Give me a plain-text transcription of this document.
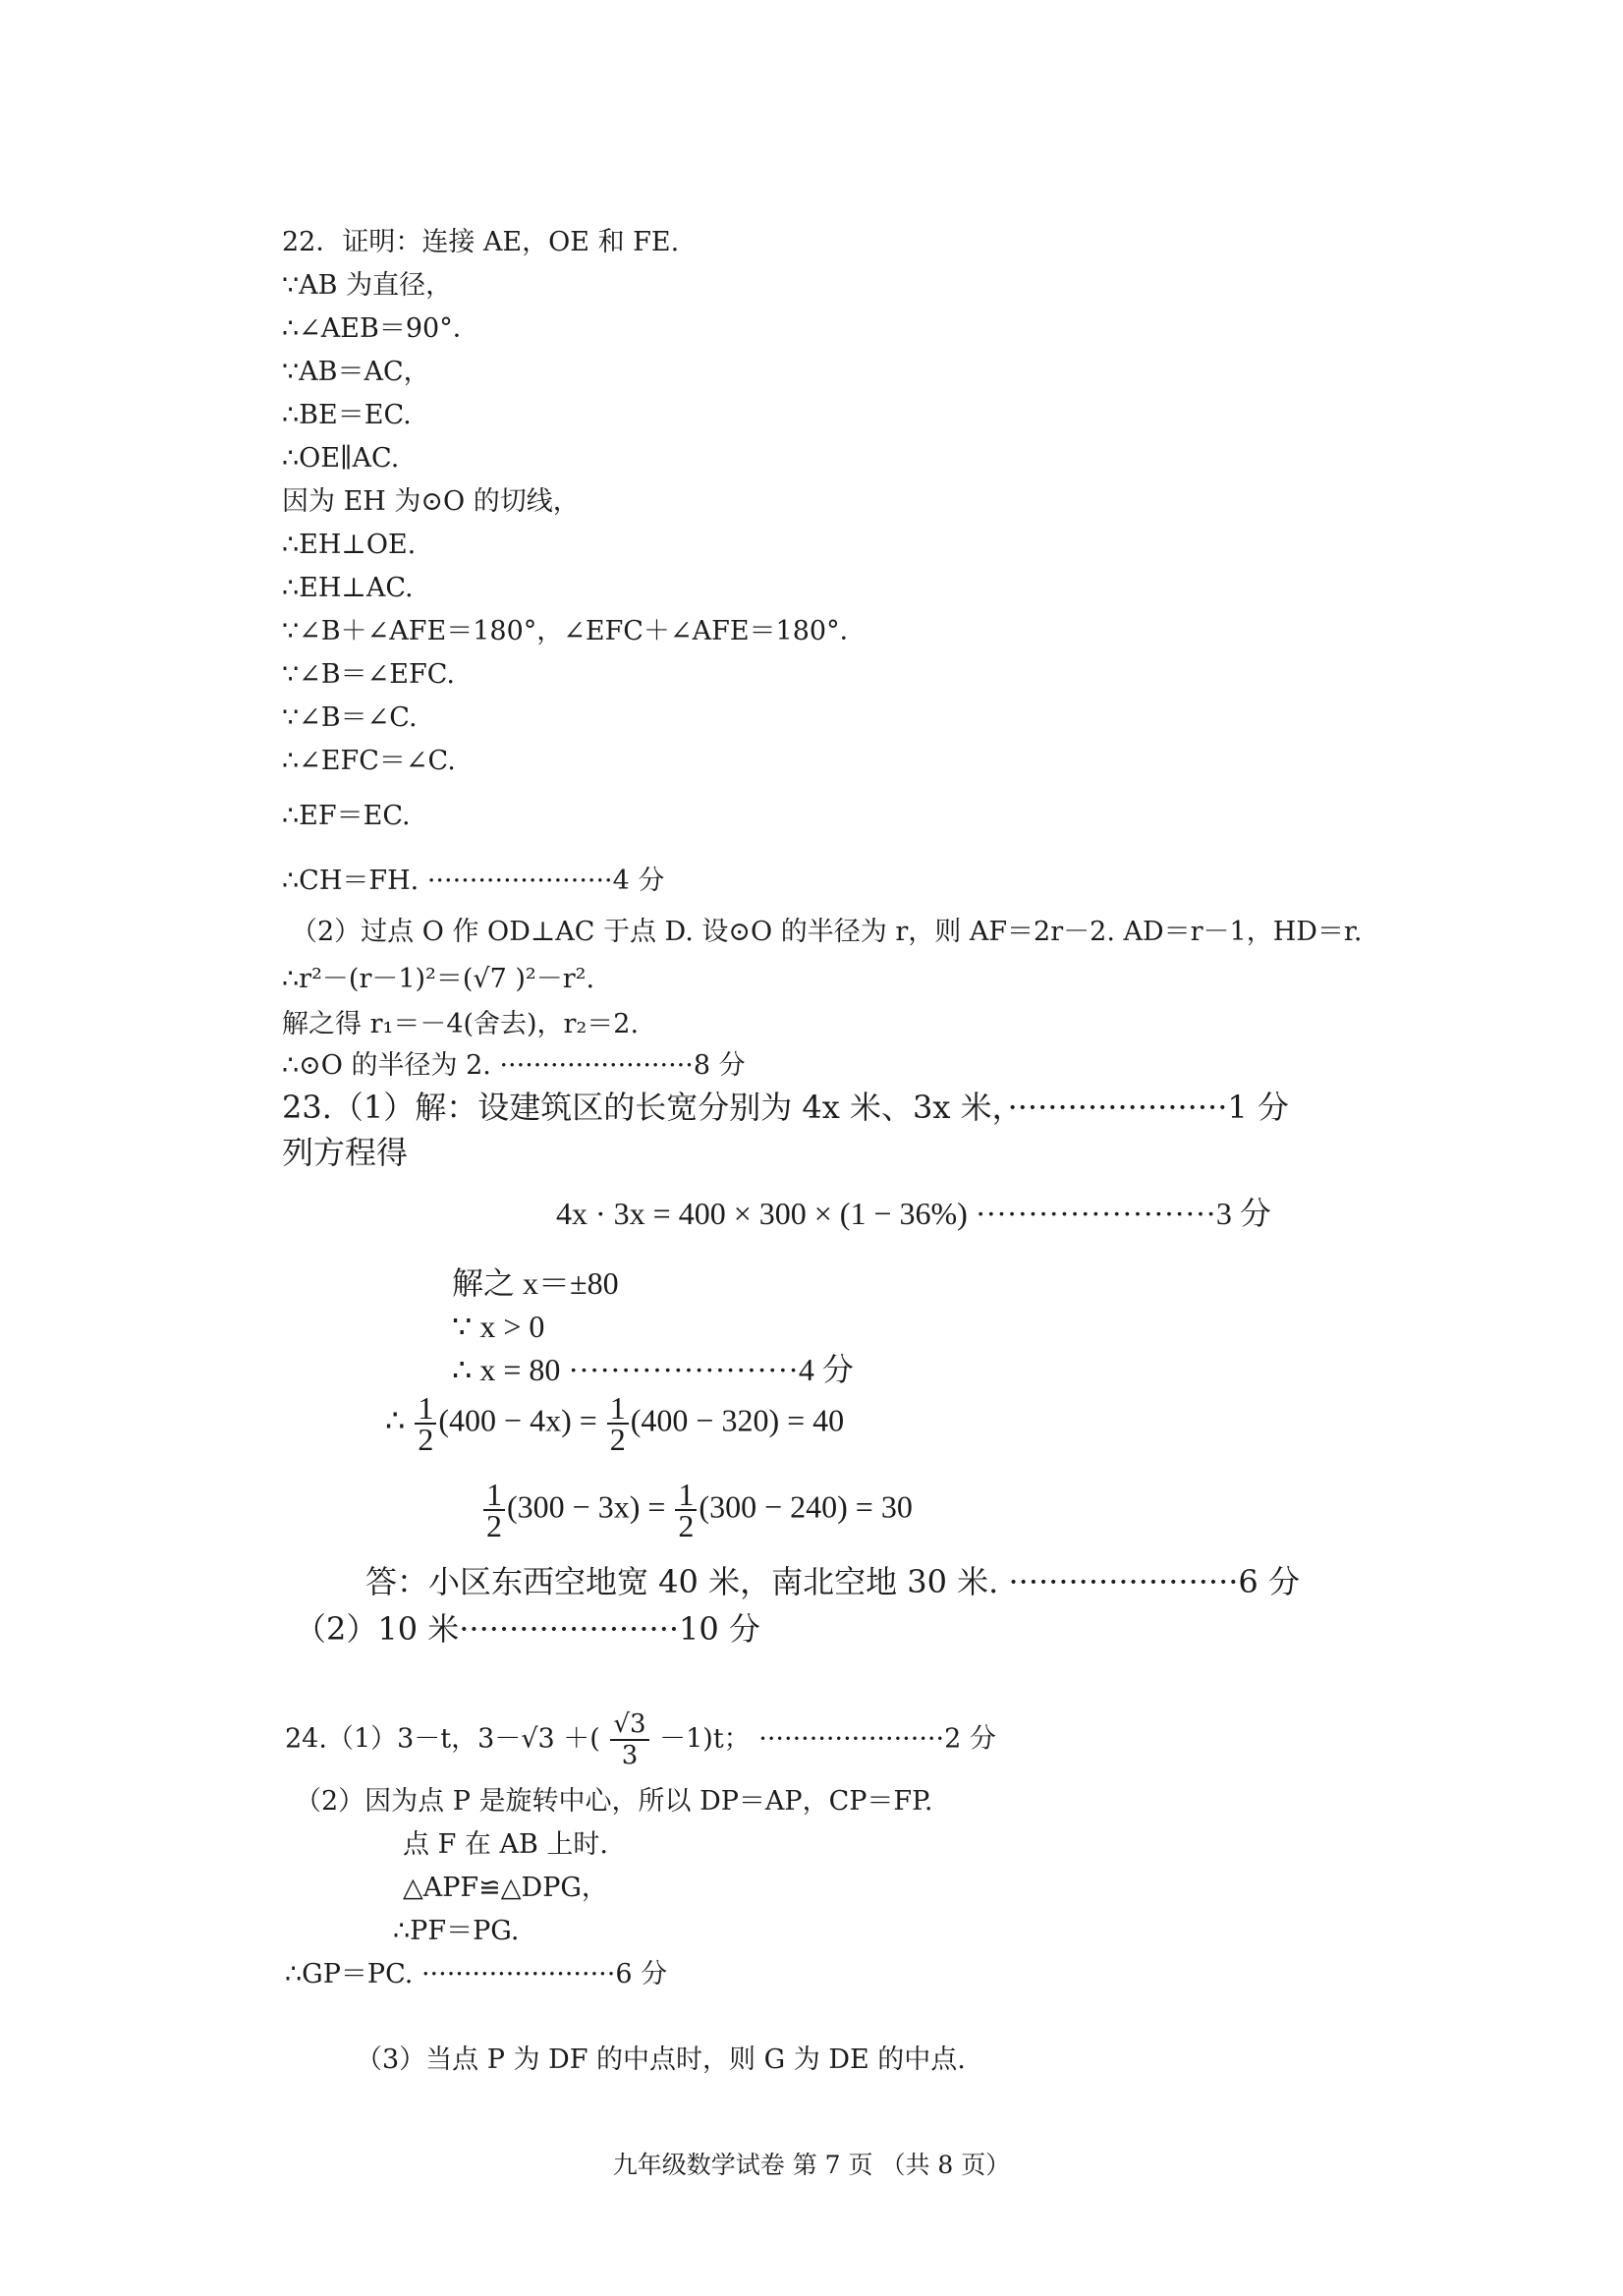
22．证明：连接 AE，OE 和 FE.
∵AB 为直径，
∴∠AEB＝90°．
∵AB＝AC，
∴BE＝EC.
∴OE∥AC.
因为 EH 为⊙O 的切线，
∴EH⊥OE.
∴EH⊥AC.
∵∠B＋∠AFE＝180°，∠EFC＋∠AFE＝180°．
∵∠B＝∠EFC.
∵∠B＝∠C.
∴∠EFC＝∠C.
∴EF＝EC.
∴CH＝FH. ······················4 分
（2）过点 O 作 OD⊥AC 于点 D. 设⊙O 的半径为 r，则 AF＝2r－2. AD＝r－1，HD＝r.
∴r²－(r－1)²＝(√7 )²－r².
解之得 r₁＝－4(舍去)，r₂＝2.
∴⊙O 的半径为 2. ·······················8 分
23.（1）解：设建筑区的长宽分别为 4x 米、3x 米，······················1 分
列方程得
4x · 3x = 400 × 300 × (1 − 36%) ·······················3 分
解之 x＝±80
∵ x > 0
∴ x = 80 ······················4 分
∴ $\frac{1}{2} (400 - 4x) = \frac{1}{2} (400 - 320) = 40$
$\frac{1}{2} (300 - 3x) = \frac{1}{2} (300 - 240) = 30$
答：小区东西空地宽 40 米，南北空地 30 米. ·······················6 分
（2）10 米······················10 分
24.（1）3－t，3－√3 ＋( $\frac{√3}{3} -1)t$； ······················2 分
（2）因为点 P 是旋转中心，所以 DP＝AP，CP＝FP.
点 F 在 AB 上时.
△APF≌△DPG，
∴PF＝PG.
∴GP＝PC. ·······················6 分
（3）当点 P 为 DF 的中点时，则 G 为 DE 的中点.
九年级数学试卷 第 7 页 （共 8 页）
